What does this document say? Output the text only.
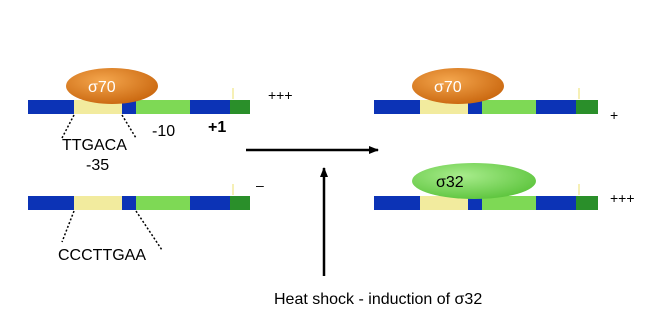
σ70	+++
TTGACA
-35
-10 +1
–
CCCTTGAA
Heat shock - induction of σ32
σ70
+
σ32
+++
